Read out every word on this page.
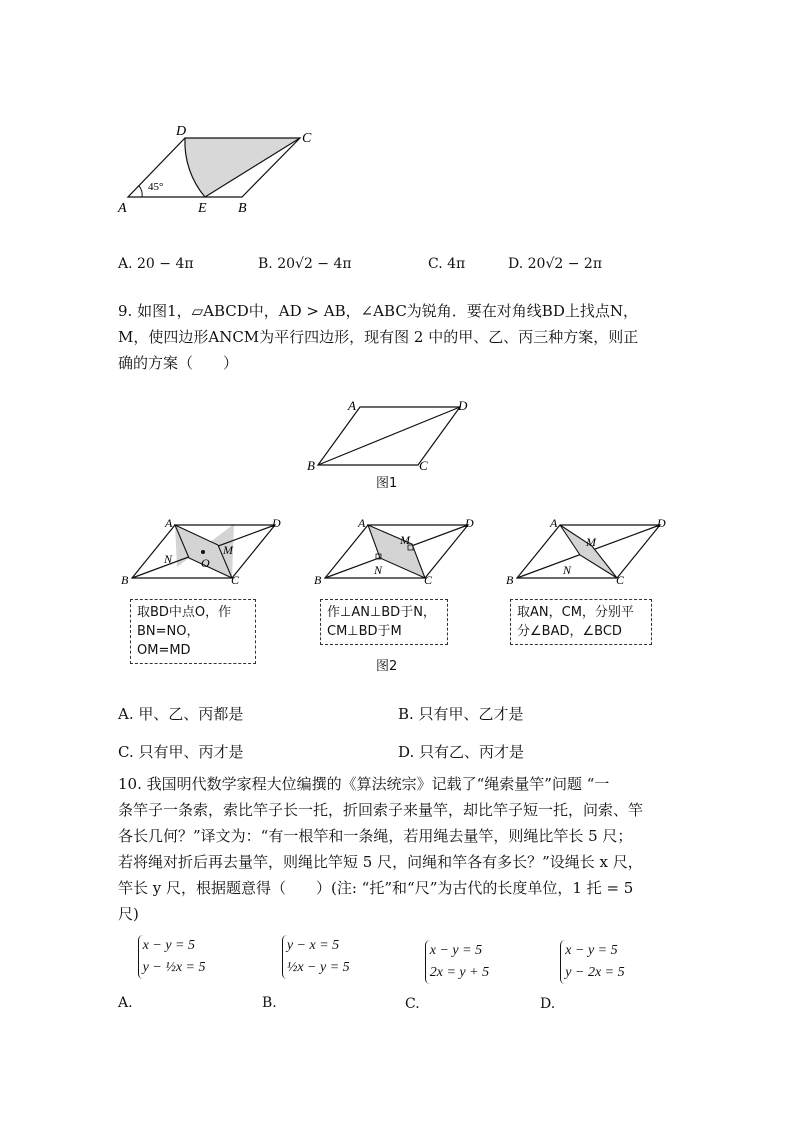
A	E B
C
D
45°
A. 20 − 4π	B. 20√2 − 4π	C. 4π	D. 20√2 − 2π
9. 如图1，▱ABCD中，AD > AB，∠ABC为锐角．要在对角线BD上找点N，
M，使四边形ANCM为平行四边形，现有图 2 中的甲、乙、丙三种方案，则正
确的方案（　　）
A	D
B	C
图1
A	D
B	C
N
M
O
取BD中点O，作
BN=NO，OM=MD
A	D
B	C
N
M
作⊥AN⊥BD于N，
CM⊥BD于M
A	D
B	C
N
M
取AN，CM，分别平
分∠BAD，∠BCD
图2
A. 甲、乙、丙都是	B. 只有甲、乙才是
C. 只有甲、丙才是	D. 只有乙、丙才是
10. 我国明代数学家程大位编撰的《算法统宗》记载了“绳索量竿”问题 “一
条竿子一条索，索比竿子长一托，折回索子来量竿，却比竿子短一托，问索、竿
各长几何？”译文为：“有一根竿和一条绳，若用绳去量竿，则绳比竿长 5 尺；
若将绳对折后再去量竿，则绳比竿短 5 尺，问绳和竿各有多长？”设绳长 x 尺，
竿长 y 尺，根据题意得（　　）(注: “托”和“尺”为古代的长度单位，1 托 = 5
尺)
A.
x − y = 5
y − ½x = 5
B.
y − x = 5
½x − y = 5
C.
x − y = 5
2x = y + 5
D.
x − y = 5
y − 2x = 5
